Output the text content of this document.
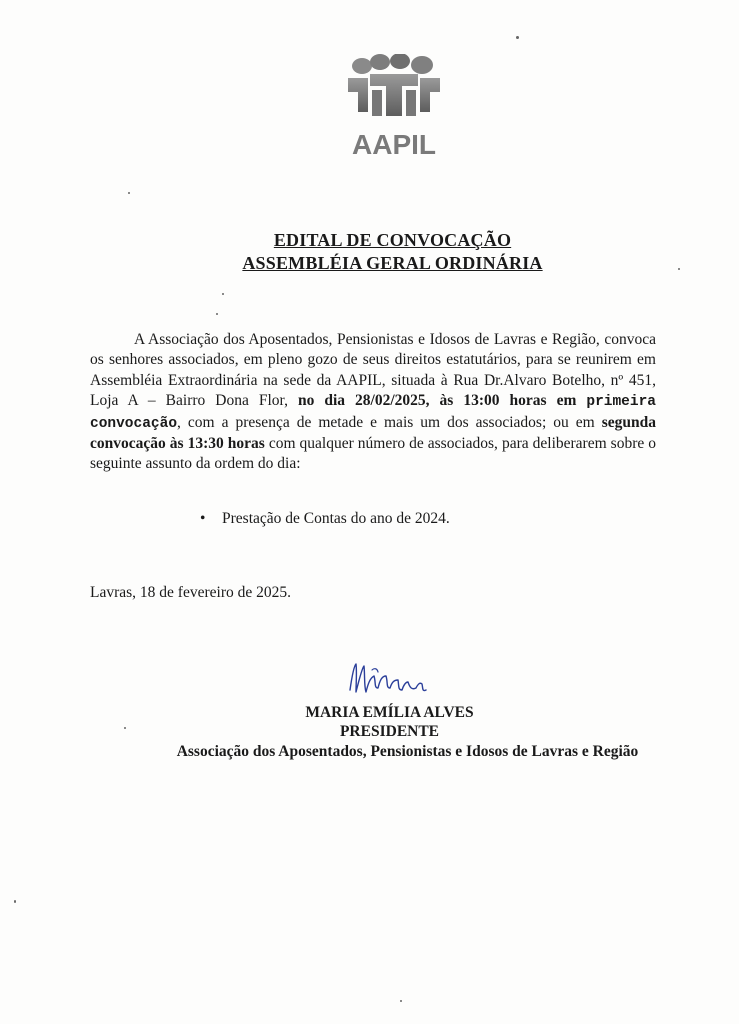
AAPIL
EDITAL DE CONVOCAÇÃO
ASSEMBLÉIA GERAL ORDINÁRIA
A Associação dos Aposentados, Pensionistas e Idosos de Lavras e Região, convoca os senhores associados, em pleno gozo de seus direitos estatutários, para se reunirem em Assembléia Extraordinária na sede da AAPIL, situada à Rua Dr.Alvaro Botelho, nº 451, Loja A – Bairro Dona Flor, no dia 28/02/2025, às 13:00 horas em primeira convocação, com a presença de metade e mais um dos associados; ou em segunda convocação às 13:30 horas com qualquer número de associados, para deliberarem sobre o seguinte assunto da ordem do dia:
• Prestação de Contas do ano de 2024.
Lavras, 18 de fevereiro de 2025.
MARIA EMÍLIA ALVES
PRESIDENTE
Associação dos Aposentados, Pensionistas e Idosos de Lavras e Região
